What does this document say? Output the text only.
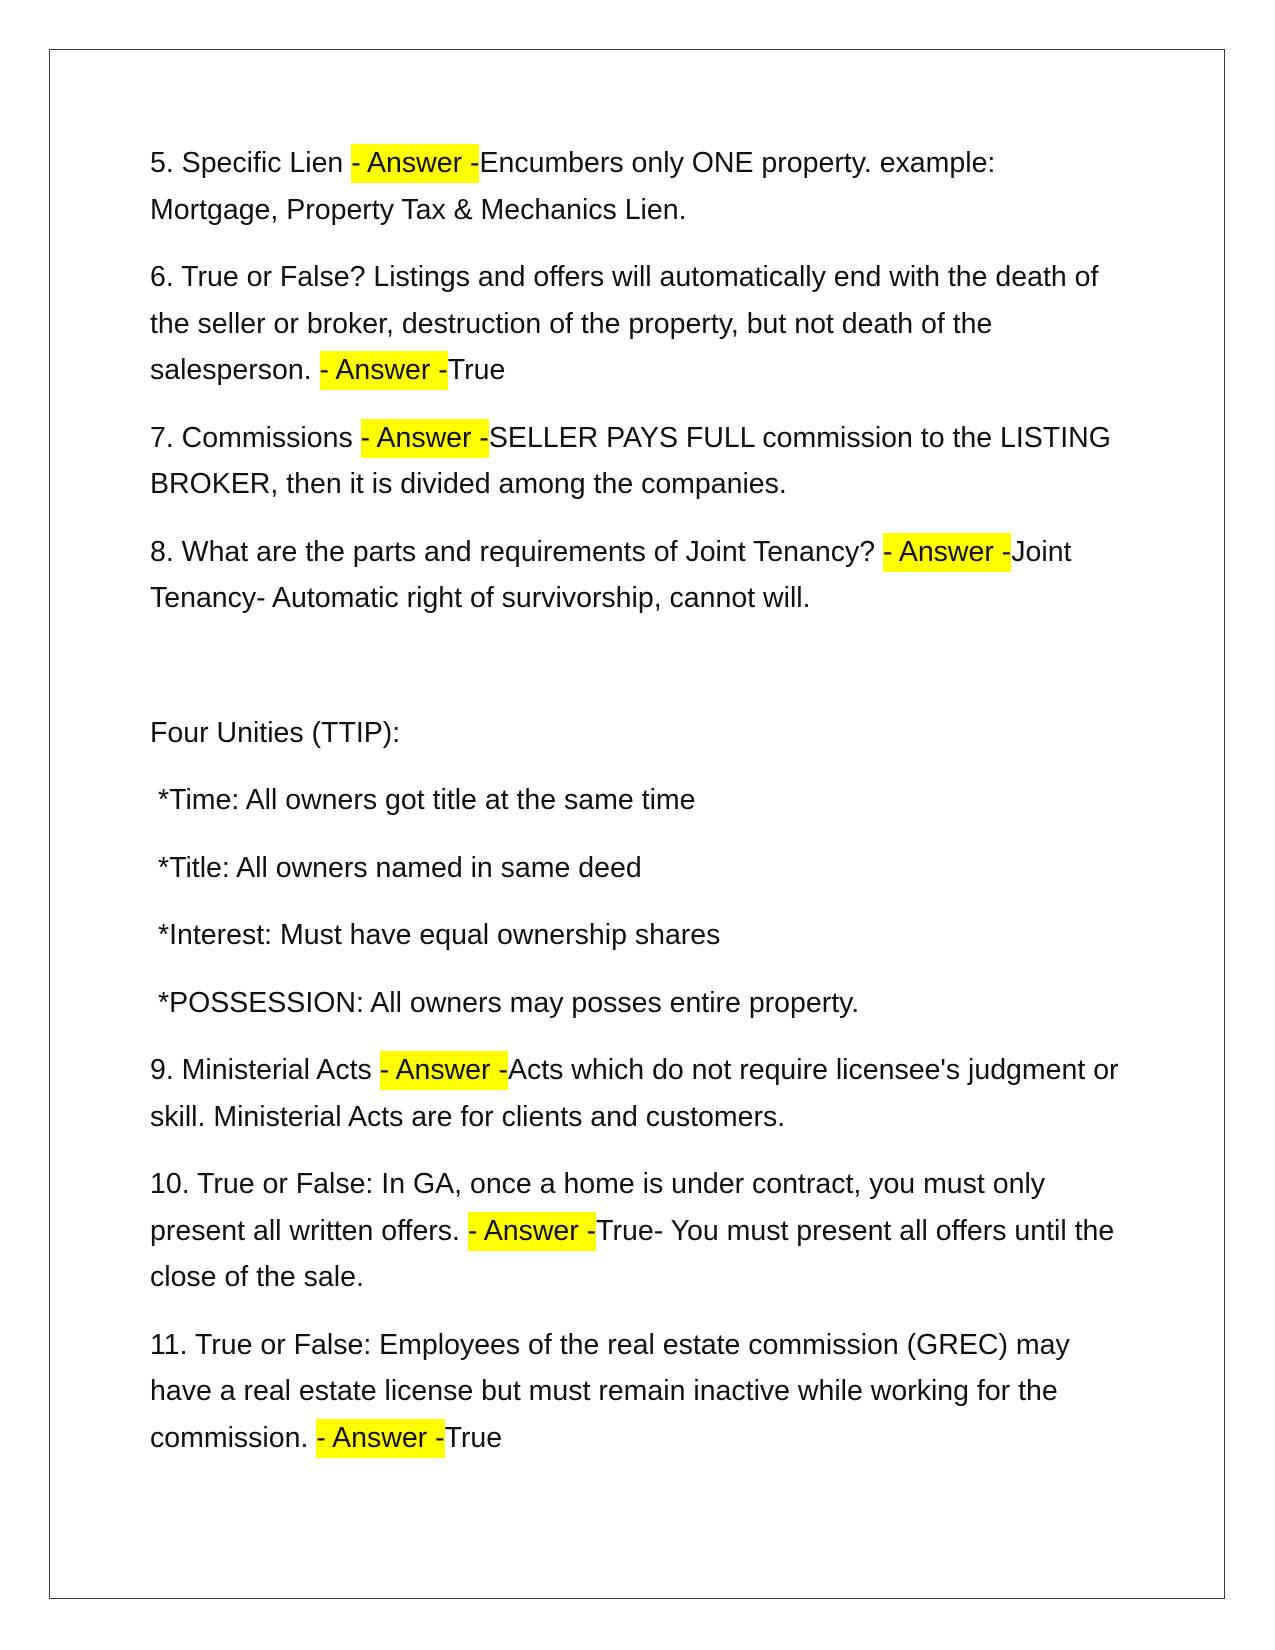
5. Specific Lien - Answer -Encumbers only ONE property. example: Mortgage, Property Tax & Mechanics Lien.

6. True or False? Listings and offers will automatically end with the death of the seller or broker, destruction of the property, but not death of the salesperson. - Answer -True

7. Commissions - Answer -SELLER PAYS FULL commission to the LISTING BROKER, then it is divided among the companies.

8. What are the parts and requirements of Joint Tenancy? - Answer -Joint Tenancy- Automatic right of survivorship, cannot will.

Four Unities (TTIP):

*Time: All owners got title at the same time

*Title: All owners named in same deed

*Interest: Must have equal ownership shares

*POSSESSION: All owners may posses entire property.

9. Ministerial Acts - Answer -Acts which do not require licensee's judgment or skill. Ministerial Acts are for clients and customers.

10. True or False: In GA, once a home is under contract, you must only present all written offers. - Answer -True- You must present all offers until the close of the sale.

11. True or False: Employees of the real estate commission (GREC) may have a real estate license but must remain inactive while working for the commission. - Answer -True
